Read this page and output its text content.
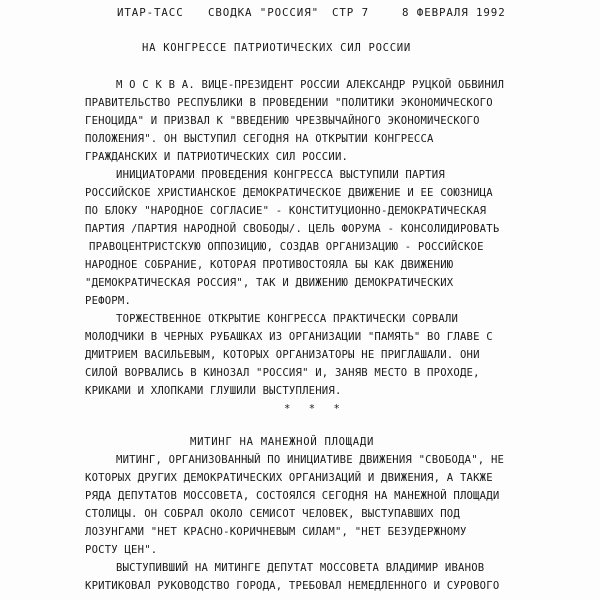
ИТАР-ТАСС СВОДКА "РОССИЯ" СТР 7	8 ФЕВРАЛЯ 1992
НА КОНГРЕССЕ ПАТРИОТИЧЕСКИХ СИЛ РОССИИ
М О С К В А. ВИЦЕ-ПРЕЗИДЕНТ РОССИИ АЛЕКСАНДР РУЦКОЙ ОБВИНИЛ
ПРАВИТЕЛЬСТВО РЕСПУБЛИКИ В ПРОВЕДЕНИИ "ПОЛИТИКИ ЭКОНОМИЧЕСКОГО
ГЕНОЦИДА" И ПРИЗВАЛ К "ВВЕДЕНИЮ ЧРЕЗВЫЧАЙНОГО ЭКОНОМИЧЕСКОГО
ПОЛОЖЕНИЯ". ОН ВЫСТУПИЛ СЕГОДНЯ НА ОТКРЫТИИ КОНГРЕССА
ГРАЖДАНСКИХ И ПАТРИОТИЧЕСКИХ СИЛ РОССИИ.
ИНИЦИАТОРАМИ ПРОВЕДЕНИЯ КОНГРЕССА ВЫСТУПИЛИ ПАРТИЯ
РОССИЙСКОЕ ХРИСТИАНСКОЕ ДЕМОКРАТИЧЕСКОЕ ДВИЖЕНИЕ И ЕЕ СОЮЗНИЦА
ПО БЛОКУ "НАРОДНОЕ СОГЛАСИЕ" - КОНСТИТУЦИОННО-ДЕМОКРАТИЧЕСКАЯ
ПАРТИЯ /ПАРТИЯ НАРОДНОЙ СВОБОДЫ/. ЦЕЛЬ ФОРУМА - КОНСОЛИДИРОВАТЬ
ПРАВОЦЕНТРИСТСКУЮ ОППОЗИЦИЮ, СОЗДАВ ОРГАНИЗАЦИЮ - РОССИЙСКОЕ
НАРОДНОЕ СОБРАНИЕ, КОТОРАЯ ПРОТИВОСТОЯЛА БЫ КАК ДВИЖЕНИЮ
"ДЕМОКРАТИЧЕСКАЯ РОССИЯ", ТАК И ДВИЖЕНИЮ ДЕМОКРАТИЧЕСКИХ
РЕФОРМ.
ТОРЖЕСТВЕННОЕ ОТКРЫТИЕ КОНГРЕССА ПРАКТИЧЕСКИ СОРВАЛИ
МОЛОДЧИКИ В ЧЕРНЫХ РУБАШКАХ ИЗ ОРГАНИЗАЦИИ "ПАМЯТЬ" ВО ГЛАВЕ С
ДМИТРИЕМ ВАСИЛЬЕВЫМ, КОТОРЫХ ОРГАНИЗАТОРЫ НЕ ПРИГЛАШАЛИ. ОНИ
СИЛОЙ ВОРВАЛИСЬ В КИНОЗАЛ "РОССИЯ" И, ЗАНЯВ МЕСТО В ПРОХОДЕ,
КРИКАМИ И ХЛОПКАМИ ГЛУШИЛИ ВЫСТУПЛЕНИЯ.
* * *
МИТИНГ НА МАНЕЖНОЙ ПЛОЩАДИ
МИТИНГ, ОРГАНИЗОВАННЫЙ ПО ИНИЦИАТИВЕ ДВИЖЕНИЯ "СВОБОДА", НЕ
КОТОРЫХ ДРУГИХ ДЕМОКРАТИЧЕСКИХ ОРГАНИЗАЦИЙ И ДВИЖЕНИЯ, А ТАКЖЕ
РЯДА ДЕПУТАТОВ МОССОВЕТА, СОСТОЯЛСЯ СЕГОДНЯ НА МАНЕЖНОЙ ПЛОЩАДИ
СТОЛИЦЫ. ОН СОБРАЛ ОКОЛО СЕМИСОТ ЧЕЛОВЕК, ВЫСТУПАВШИХ ПОД
ЛОЗУНГАМИ "НЕТ КРАСНО-КОРИЧНЕВЫМ СИЛАМ", "НЕТ БЕЗУДЕРЖНОМУ
РОСТУ ЦЕН".
ВЫСТУПИВШИЙ НА МИТИНГЕ ДЕПУТАТ МОССОВЕТА ВЛАДИМИР ИВАНОВ
КРИТИКОВАЛ РУКОВОДСТВО ГОРОДА, ТРЕБОВАЛ НЕМЕДЛЕННОГО И СУРОВОГО
